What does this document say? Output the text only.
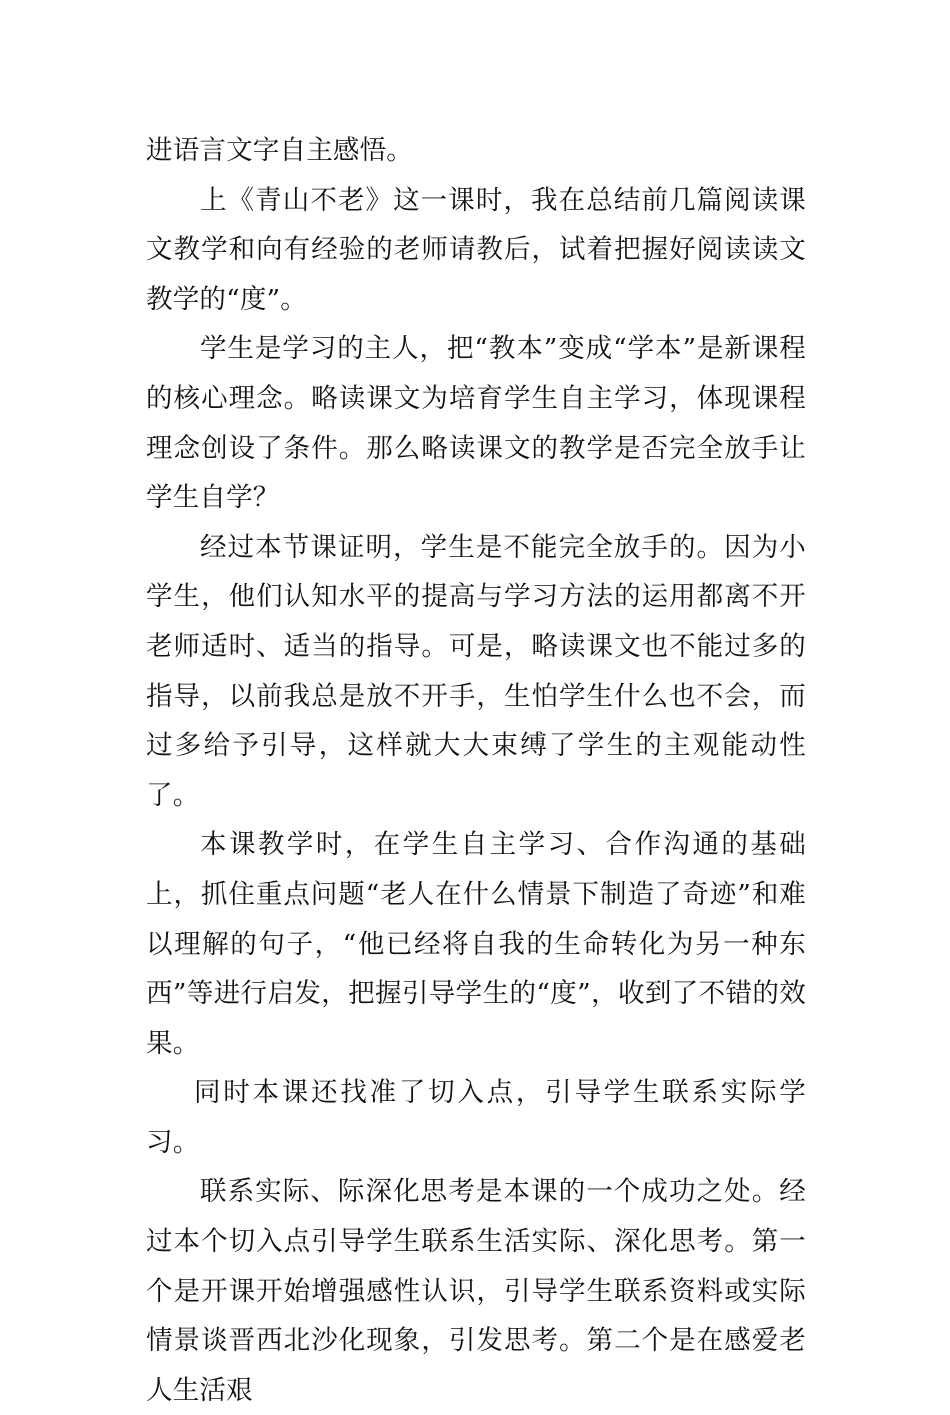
进语言文字自主感悟。

上《青山不老》这一课时，我在总结前几篇阅读课文教学和向有经验的老师请教后，试着把握好阅读读文教学的“度”。

学生是学习的主人，把“教本”变成“学本”是新课程的核心理念。略读课文为培育学生自主学习，体现课程理念创设了条件。那么略读课文的教学是否完全放手让学生自学？

经过本节课证明，学生是不能完全放手的。因为小学生，他们认知水平的提高与学习方法的运用都离不开老师适时、适当的指导。可是，略读课文也不能过多的指导，以前我总是放不开手，生怕学生什么也不会，而过多给予引导，这样就大大束缚了学生的主观能动性了。

本课教学时，在学生自主学习、合作沟通的基础上，抓住重点问题“老人在什么情景下制造了奇迹”和难以理解的句子，“他已经将自我的生命转化为另一种东西”等进行启发，把握引导学生的“度”，收到了不错的效果。

同时本课还找准了切入点，引导学生联系实际学习。

联系实际、际深化思考是本课的一个成功之处。经过本个切入点引导学生联系生活实际、深化思考。第一个是开课开始增强感性认识，引导学生联系资料或实际情景谈晋西北沙化现象，引发思考。第二个是在感爱老人生活艰
